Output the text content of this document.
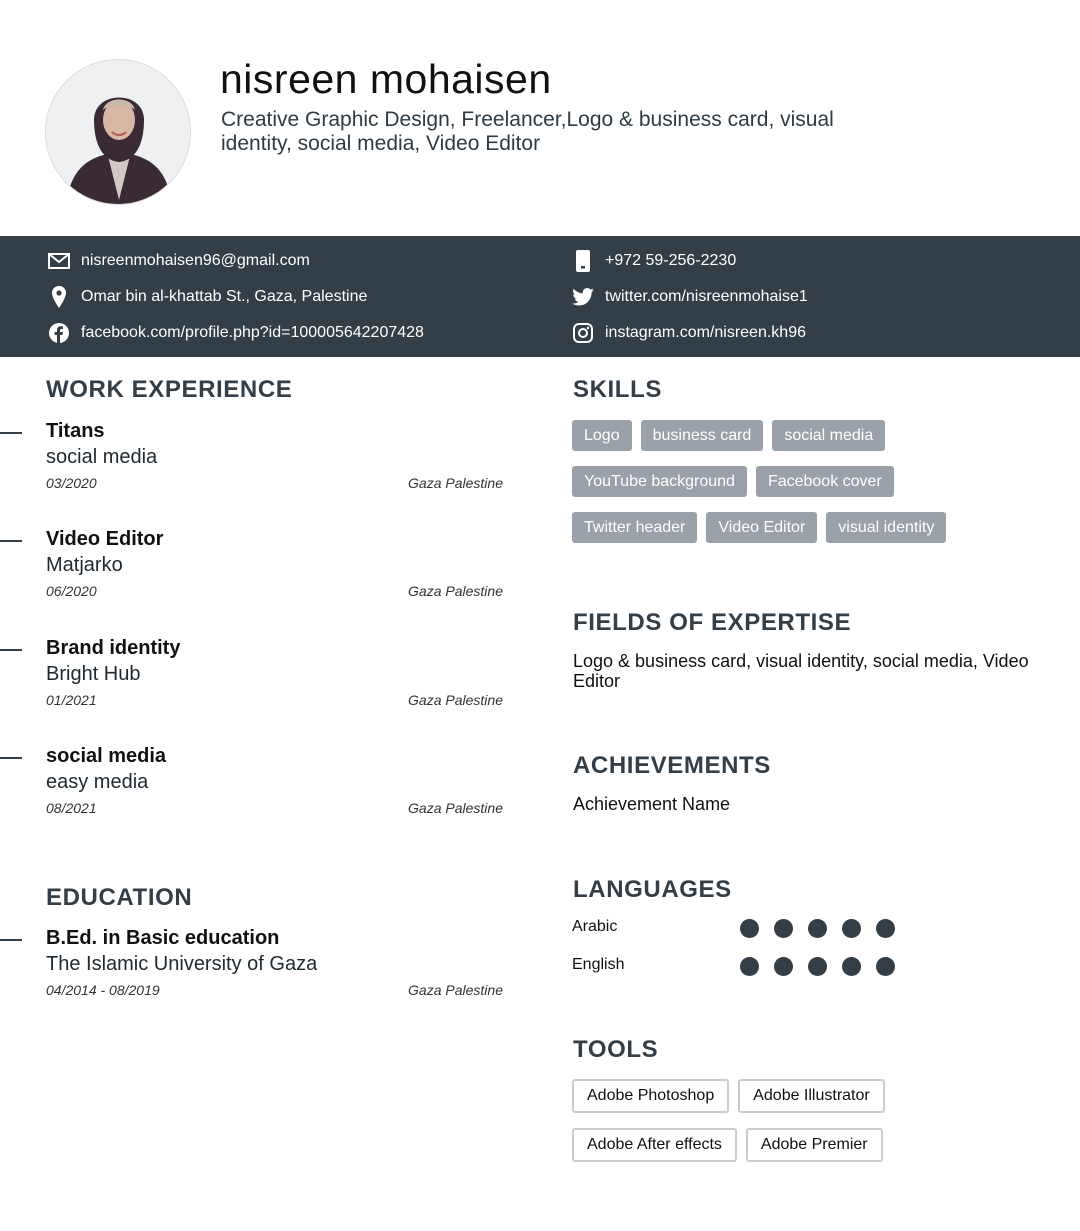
nisreen mohaisen
Creative Graphic Design, Freelancer,Logo & business card, visual identity, social media, Video Editor
nisreenmohaisen96@gmail.com
Omar bin al-khattab St., Gaza, Palestine
facebook.com/profile.php?id=100005642207428
+972 59-256-2230
twitter.com/nisreenmohaise1
instagram.com/nisreen.kh96
WORK EXPERIENCE
Titans
social media
03/2020	Gaza Palestine
Video Editor
Matjarko
06/2020	Gaza Palestine
Brand identity
Bright Hub
01/2021	Gaza Palestine
social media
easy media
08/2021	Gaza Palestine
EDUCATION
B.Ed. in Basic education
The Islamic University of Gaza
04/2014 - 08/2019	Gaza Palestine
SKILLS
Logo	business card	social media
YouTube background	Facebook cover
Twitter header	Video Editor	visual identity
FIELDS OF EXPERTISE
Logo & business card, visual identity, social media, Video Editor
ACHIEVEMENTS
Achievement Name
LANGUAGES
Arabic
English
TOOLS
Adobe Photoshop	Adobe Illustrator
Adobe After effects	Adobe Premier
